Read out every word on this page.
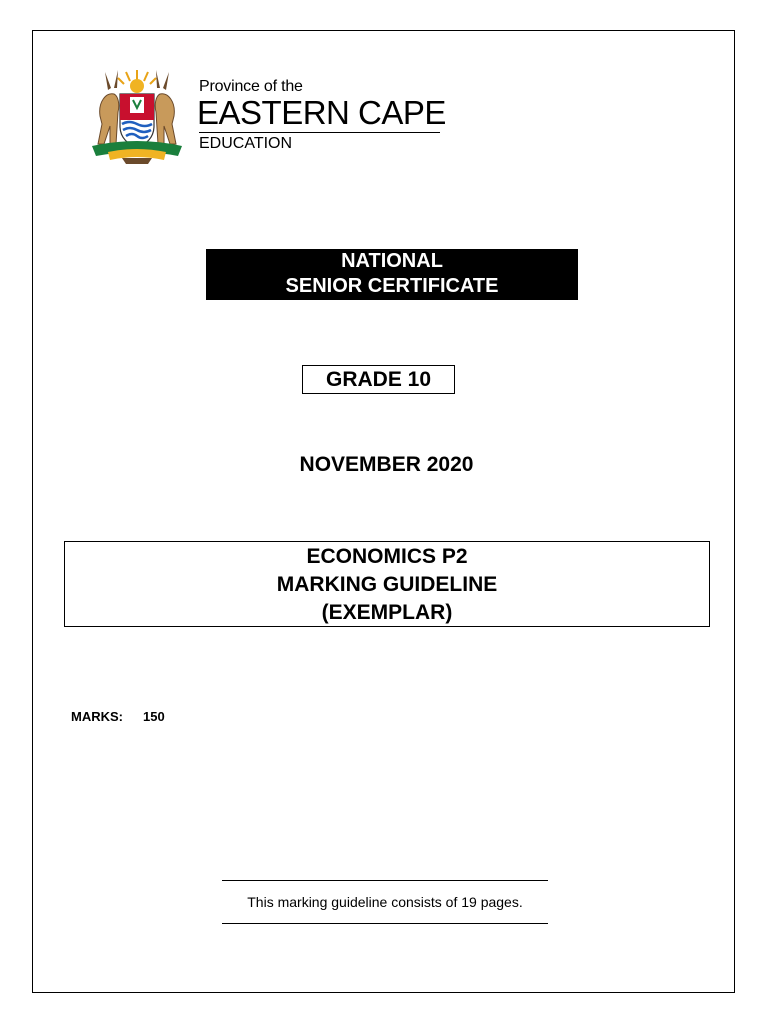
Province of the
EASTERN CAPE
EDUCATION
NATIONAL
SENIOR CERTIFICATE
GRADE 10
NOVEMBER 2020
ECONOMICS P2
MARKING GUIDELINE
(EXEMPLAR)
MARKS: 150
This marking guideline consists of 19 pages.
